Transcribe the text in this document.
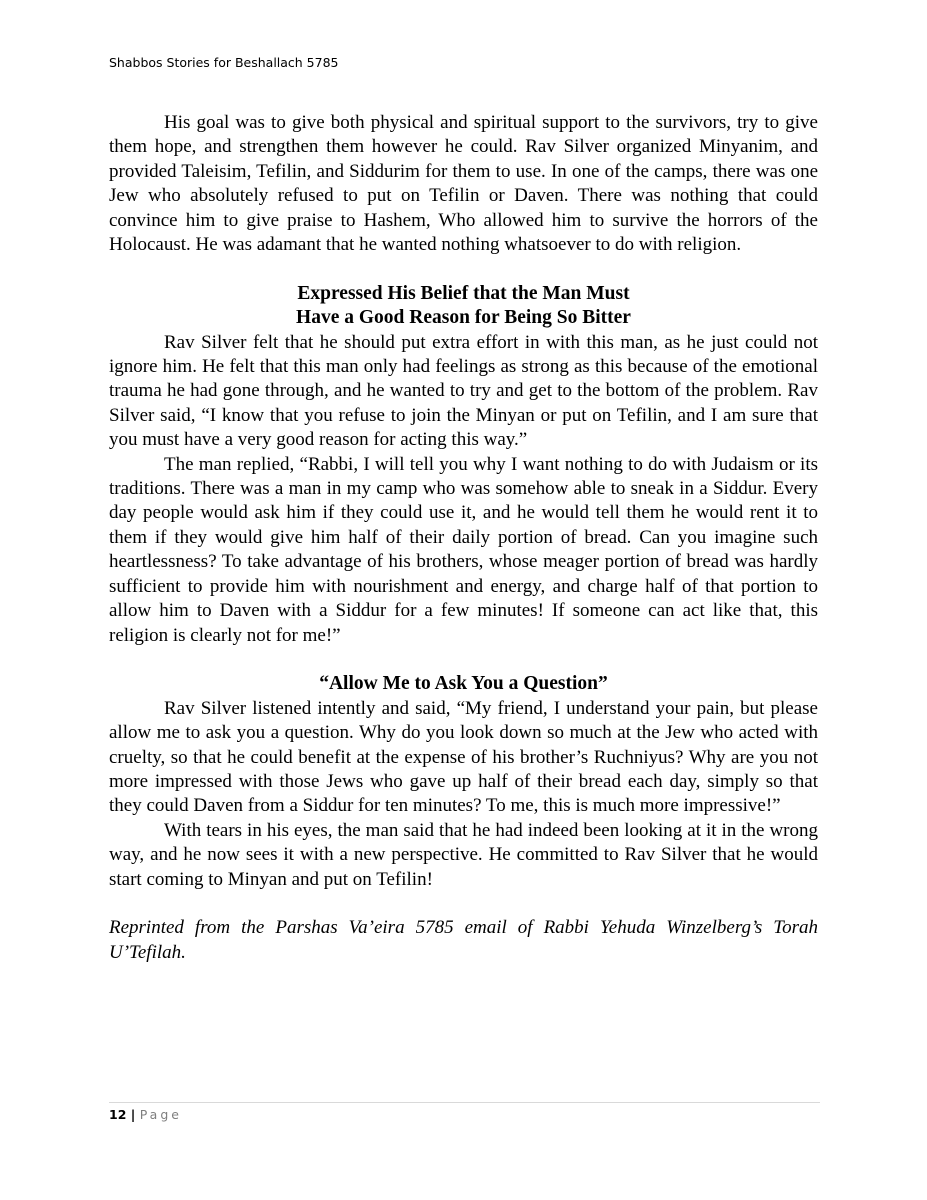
Shabbos Stories for Beshallach 5785

His goal was to give both physical and spiritual support to the survivors, try to give them hope, and strengthen them however he could. Rav Silver organized Minyanim, and provided Taleisim, Tefilin, and Siddurim for them to use. In one of the camps, there was one Jew who absolutely refused to put on Tefilin or Daven. There was nothing that could convince him to give praise to Hashem, Who allowed him to survive the horrors of the Holocaust. He was adamant that he wanted nothing whatsoever to do with religion.

Expressed His Belief that the Man Must
Have a Good Reason for Being So Bitter

Rav Silver felt that he should put extra effort in with this man, as he just could not ignore him. He felt that this man only had feelings as strong as this because of the emotional trauma he had gone through, and he wanted to try and get to the bottom of the problem. Rav Silver said, “I know that you refuse to join the Minyan or put on Tefilin, and I am sure that you must have a very good reason for acting this way.”

The man replied, “Rabbi, I will tell you why I want nothing to do with Judaism or its traditions. There was a man in my camp who was somehow able to sneak in a Siddur. Every day people would ask him if they could use it, and he would tell them he would rent it to them if they would give him half of their daily portion of bread. Can you imagine such heartlessness? To take advantage of his brothers, whose meager portion of bread was hardly sufficient to provide him with nourishment and energy, and charge half of that portion to allow him to Daven with a Siddur for a few minutes! If someone can act like that, this religion is clearly not for me!”

“Allow Me to Ask You a Question”

Rav Silver listened intently and said, “My friend, I understand your pain, but please allow me to ask you a question. Why do you look down so much at the Jew who acted with cruelty, so that he could benefit at the expense of his brother’s Ruchniyus? Why are you not more impressed with those Jews who gave up half of their bread each day, simply so that they could Daven from a Siddur for ten minutes? To me, this is much more impressive!”

With tears in his eyes, the man said that he had indeed been looking at it in the wrong way, and he now sees it with a new perspective. He committed to Rav Silver that he would start coming to Minyan and put on Tefilin!

Reprinted from the Parshas Va’eira 5785 email of Rabbi Yehuda Winzelberg’s Torah U’Tefilah.

12 | Page
